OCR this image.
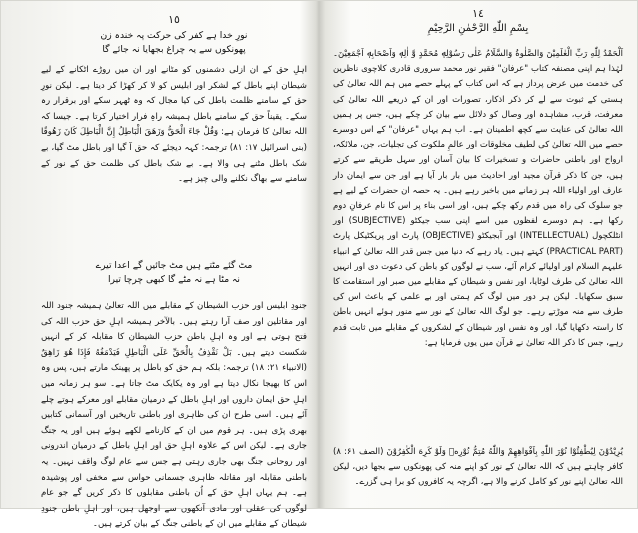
١٥
نورِ خدا ہے کفر کی حرکت پہ خندہ زن
پھونکوں سے یہ چراغ بجھایا نہ جائے گا
اہلِ حق کے ان ازلی دشمنوں کو مٹانے اور ان میں روڑے اٹکانے کے لیے شیطان اپنے باطل کے لشکر اور ابلیس کو لا کر کھڑا کر دیتا ہے۔ لیکن نورِ حق کے سامنے ظلمت باطل کی کیا مجال کہ وہ ٹھہر سکے اور برقرار رہ سکے۔ یقیناً حق کے سامنے باطل ہمیشہ راہِ فرار اختیار کرتا ہے۔ جیسا کہ اللہ تعالیٰ کا فرمان ہے: وَقُلْ جَاءَ الْحَقُّ وَزَهَقَ الْبَاطِلُ إِنَّ الْبَاطِلَ كَانَ زَهُوقًا (بنی اسرائیل ۱۷: ۸۱) ترجمہ: کہہ دیجئے کہ حق آ گیا اور باطل مٹ گیا، بے شک باطل مٹنے ہی والا ہے۔ بے شک باطل کی ظلمت حق کے نور کے سامنے سے بھاگ نکلنے والی چیز ہے۔
مٹ گئے مٹتے ہیں مٹ جائیں گے اعدا تیرے
نہ مٹا ہے نہ مٹے گا کبھی چرچا تیرا
جنودِ ابلیس اور حزب الشیطان کے مقابلے میں اللہ تعالیٰ ہمیشہ جنود اللہ اور مقاتلین اور صف آرا رہتے ہیں۔ بالآخر ہمیشہ اہلِ حق حزب اللہ کی فتح ہوتی ہے اور وہ اہلِ باطن حزب الشیطان کا مقابلہ کر کے انہیں شکست دیتے ہیں۔ بَلْ نَقْذِفُ بِالْحَقِّ عَلَى الْبَاطِلِ فَيَدْمَغُهُ فَإِذَا هُوَ زَاهِقٌ (الانبیاء ۲۱: ۱۸) ترجمہ: بلکہ ہم حق کو باطل پر پھینک مارتے ہیں، پس وہ اس کا بھیجا نکال دیتا ہے اور وہ یکایک مٹ جاتا ہے۔ سو ہر زمانہ میں اہلِ حق ایمان داروں اور اہلِ باطل کے درمیان مقابلے اور معرکے ہوتے چلے آئے ہیں۔ اسی طرح ان کی ظاہری اور باطنی تاریخیں اور آسمانی کتابیں بھری پڑی ہیں۔ ہر قوم میں ان کے کارنامے لکھے ہوئے ہیں اور یہ جنگ جاری ہے۔ لیکن اس کے علاوہ اہلِ حق اور اہلِ باطل کے درمیان اندرونی اور روحانی جنگ بھی جاری رہتی ہے جس سے عام لوگ واقف نہیں۔ یہ باطنی مقابلہ اور مقاتلہ ظاہری جسمانی حواس سے مخفی اور پوشیدہ ہے۔ ہم یہاں اہلِ حق کے اُن باطنی مقابلوں کا ذکر کریں گے جو عام لوگوں کی عقلی اور مادی آنکھوں سے اوجھل ہیں، اور اہلِ باطن جنودِ شیطان کے مقابلے میں ان کے باطنی جنگ کے بیان کرتے ہیں۔
١٤
بِسْمِ اللّٰهِ الرَّحْمٰنِ الرَّحِيْمِ
اَلْحَمْدُ لِلّٰهِ رَبِّ الْعٰلَمِيْنَ وَالصَّلٰوةُ وَالسَّلَامُ عَلٰى رَسُوْلِهٖ مُحَمَّدٍ وَّ اٰلِهٖ وَاَصْحَابِهٖ اَجْمَعِيْنَ۔ لہٰذا ہم اپنی مصنفہ کتاب "عرفان" فقیر نور محمد سروری قادری کلاچوی ناظرین کی خدمت میں عرض پرداز ہے کہ اس کتاب کے پہلے حصے میں ہم اللہ تعالیٰ کی ہستی کے ثبوت سے لے کر ذکر اذکار، تصورات اور ان کے ذریعے اللہ تعالیٰ کی معرفت، قرب، مشاہدہ اور وصال کو دلائل سے بیان کر چکے ہیں، جس پر ہمیں اللہ تعالیٰ کی عنایت سے کچھ اطمینان ہے۔ اب ہم یہاں "عرفان" کے اس دوسرے حصے میں اللہ تعالیٰ کی لطیف مخلوقات اور عالمِ ملکوت کی تجلیات، جن، ملائکہ، ارواح اور باطنی حاضرات و تسخیرات کا بیان آسان اور سہل طریقے سے کرتے ہیں، جن کا ذکر قرآن مجید اور احادیث میں بار بار آیا ہے اور جن سے ایمان دار عارف اور اولیاء اللہ ہر زمانے میں باخبر رہے ہیں۔ یہ حصہ ان حضرات کے لیے ہے جو سلوک کی راہ میں قدم رکھ چکے ہیں، اور اسی بناء پر اس کا نام عرفانِ دوم رکھا ہے۔ ہم دوسرے لفظوں میں اسے اپنی سب جیکٹو (SUBJECTIVE) اور انٹلکچول (INTELLECTUAL) اور آبجیکٹو (OBJECTIVE) پارٹ اور پریکٹیکل پارٹ (PRACTICAL PART) کہتے ہیں۔ یاد رہے کہ دنیا میں جس قدر اللہ تعالیٰ کے انبیاء علیہم السلام اور اولیائے کرام آئے، سب نے لوگوں کو باطن کی دعوت دی اور انہیں اللہ تعالیٰ کی طرف لوٹایا، اور نفس و شیطان کے مقابلے میں صبر اور استقامت کا سبق سکھایا۔ لیکن ہر دور میں لوگ کم ہمتی اور بے علمی کے باعث اس کی طرف سے منہ موڑتے رہے۔ جو لوگ اللہ تعالیٰ کے نور سے منور ہوئے انہیں باطن کا راستہ دکھایا گیا، اور وہ نفس اور شیطان کے لشکروں کے مقابلے میں ثابت قدم رہے، جس کا ذکر اللہ تعالیٰ نے قرآن میں یوں فرمایا ہے:
يُرِيْدُوْنَ لِيُطْفِئُوْا نُوْرَ اللّٰهِ بِاَفْوَاهِهِمْ وَاللّٰهُ مُتِمُّ نُوْرِهٖ وَلَوْ كَرِهَ الْكٰفِرُوْنَ (الصف ۶۱: ۸) کافر چاہتے ہیں کہ اللہ تعالیٰ کے نور کو اپنے منہ کی پھونکوں سے بجھا دیں، لیکن اللہ تعالیٰ اپنے نور کو کامل کرنے والا ہے، اگرچہ یہ کافروں کو برا ہی گزرے۔
